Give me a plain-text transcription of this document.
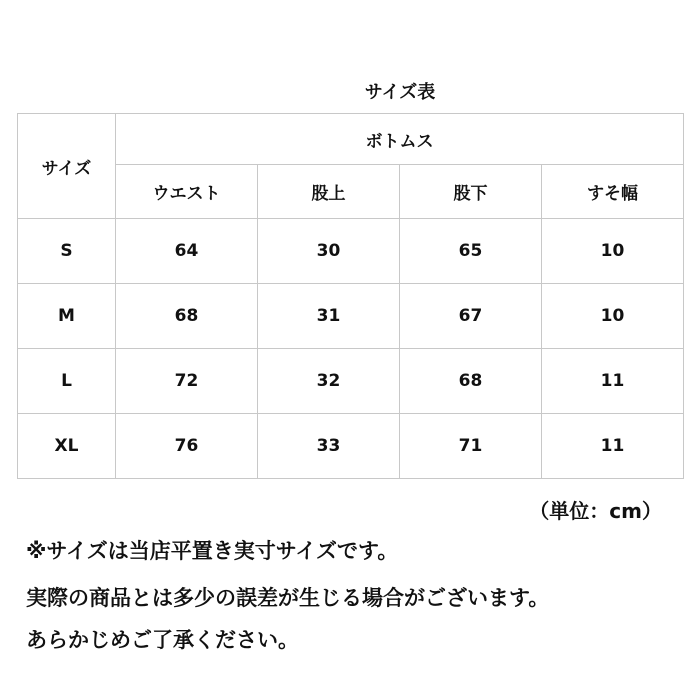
サイズ表
サイズ	ボトムス			
	ウエスト	股上	股下	すそ幅
S	64	30	65	10
M	68	31	67	10
L	72	32	68	11
XL	76	33	71	11
（単位：cm）
※サイズは当店平置き実寸サイズです。
実際の商品とは多少の誤差が生じる場合がございます。
あらかじめご了承ください。
